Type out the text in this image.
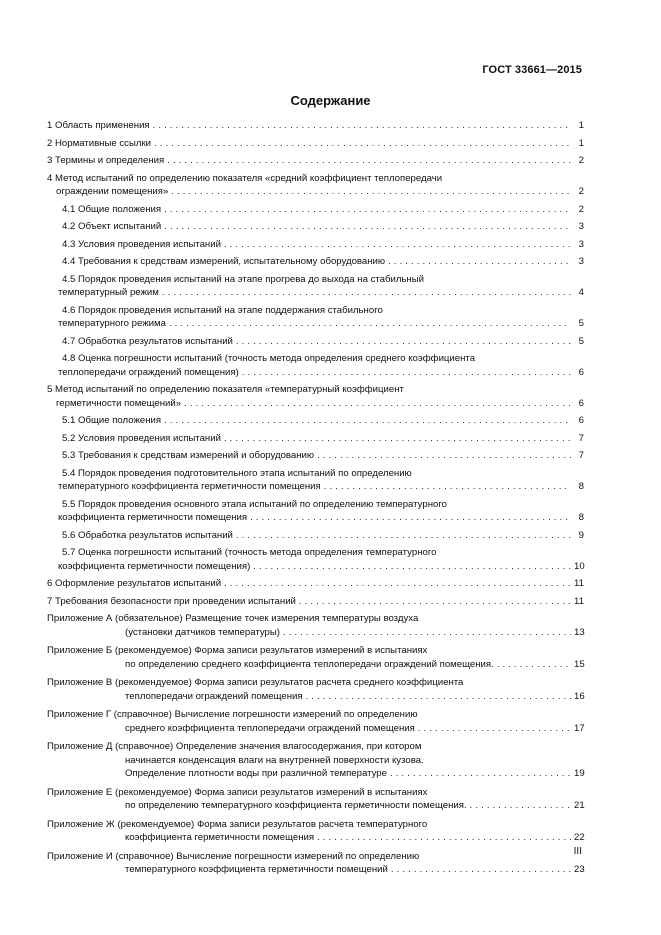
ГОСТ 33661—2015
Содержание
1 Область применения . . .	1
2 Нормативные ссылки . . .	1
3 Термины и определения . . .	2
4 Метод испытаний по определению показателя «средний коэффициент теплопередачи
ограждении помещения» . . .	2
4.1 Общие положения . . .	2
4.2 Объект испытаний . . .	3
4.3 Условия проведения испытаний . . .	3
4.4 Требования к средствам измерений, испытательному оборудованию . . .	3
4.5 Порядок проведения испытаний на этапе прогрева до выхода на стабильный
температурный режим . . .	4
4.6 Порядок проведения испытаний на этапе поддержания стабильного
температурного режима . . .	5
4.7 Обработка результатов испытаний . . .	5
4.8 Оценка погрешности испытаний (точность метода определения среднего коэффициента
теплопередачи ограждений помещения) . . .	6
5 Метод испытаний по определению показателя «температурный коэффициент
герметичности помещений» . . .	6
5.1 Общие положения . . .	6
5.2 Условия проведения испытаний . . .	7
5.3 Требования к средствам измерений и оборудованию . . .	7
5.4 Порядок проведения подготовительного этапа испытаний по определению
температурного коэффициента герметичности помещения . . .	8
5.5 Порядок проведения основного этапа испытаний по определению температурного
коэффициента герметичности помещения . . .	8
5.6 Обработка результатов испытаний . . .	9
5.7 Оценка погрешности испытаний (точность метода определения температурного
коэффициента герметичности помещения) . . .	10
6 Оформление результатов испытаний . . .	11
7 Требования безопасности при проведении испытаний . . .	11
Приложение А (обязательное) Размещение точек измерения температуры воздуха
(установки датчиков температуры) . . .	13
Приложение Б (рекомендуемое) Форма записи результатов измерений в испытаниях
по определению среднего коэффициента теплопередачи ограждений помещения. . . .	15
Приложение В (рекомендуемое) Форма записи результатов расчета среднего коэффициента
теплопередачи ограждений помещения . . .	16
Приложение Г (справочное) Вычисление погрешности измерений по определению
среднего коэффициента теплопередачи ограждений помещения . . .	17
Приложение Д (справочное) Определение значения влагосодержания, при котором
начинается конденсация влаги на внутренней поверхности кузова.
Определение плотности воды при различной температуре . . .	19
Приложение Е (рекомендуемое) Форма записи результатов измерений в испытаниях
по определению температурного коэффициента герметичности помещения. . . .	21
Приложение Ж (рекомендуемое) Форма записи результатов расчета температурного
коэффициента герметичности помещения . . .	22
Приложение И (справочное) Вычисление погрешности измерений по определению
температурного коэффициента герметичности помещений . . .	23
III
